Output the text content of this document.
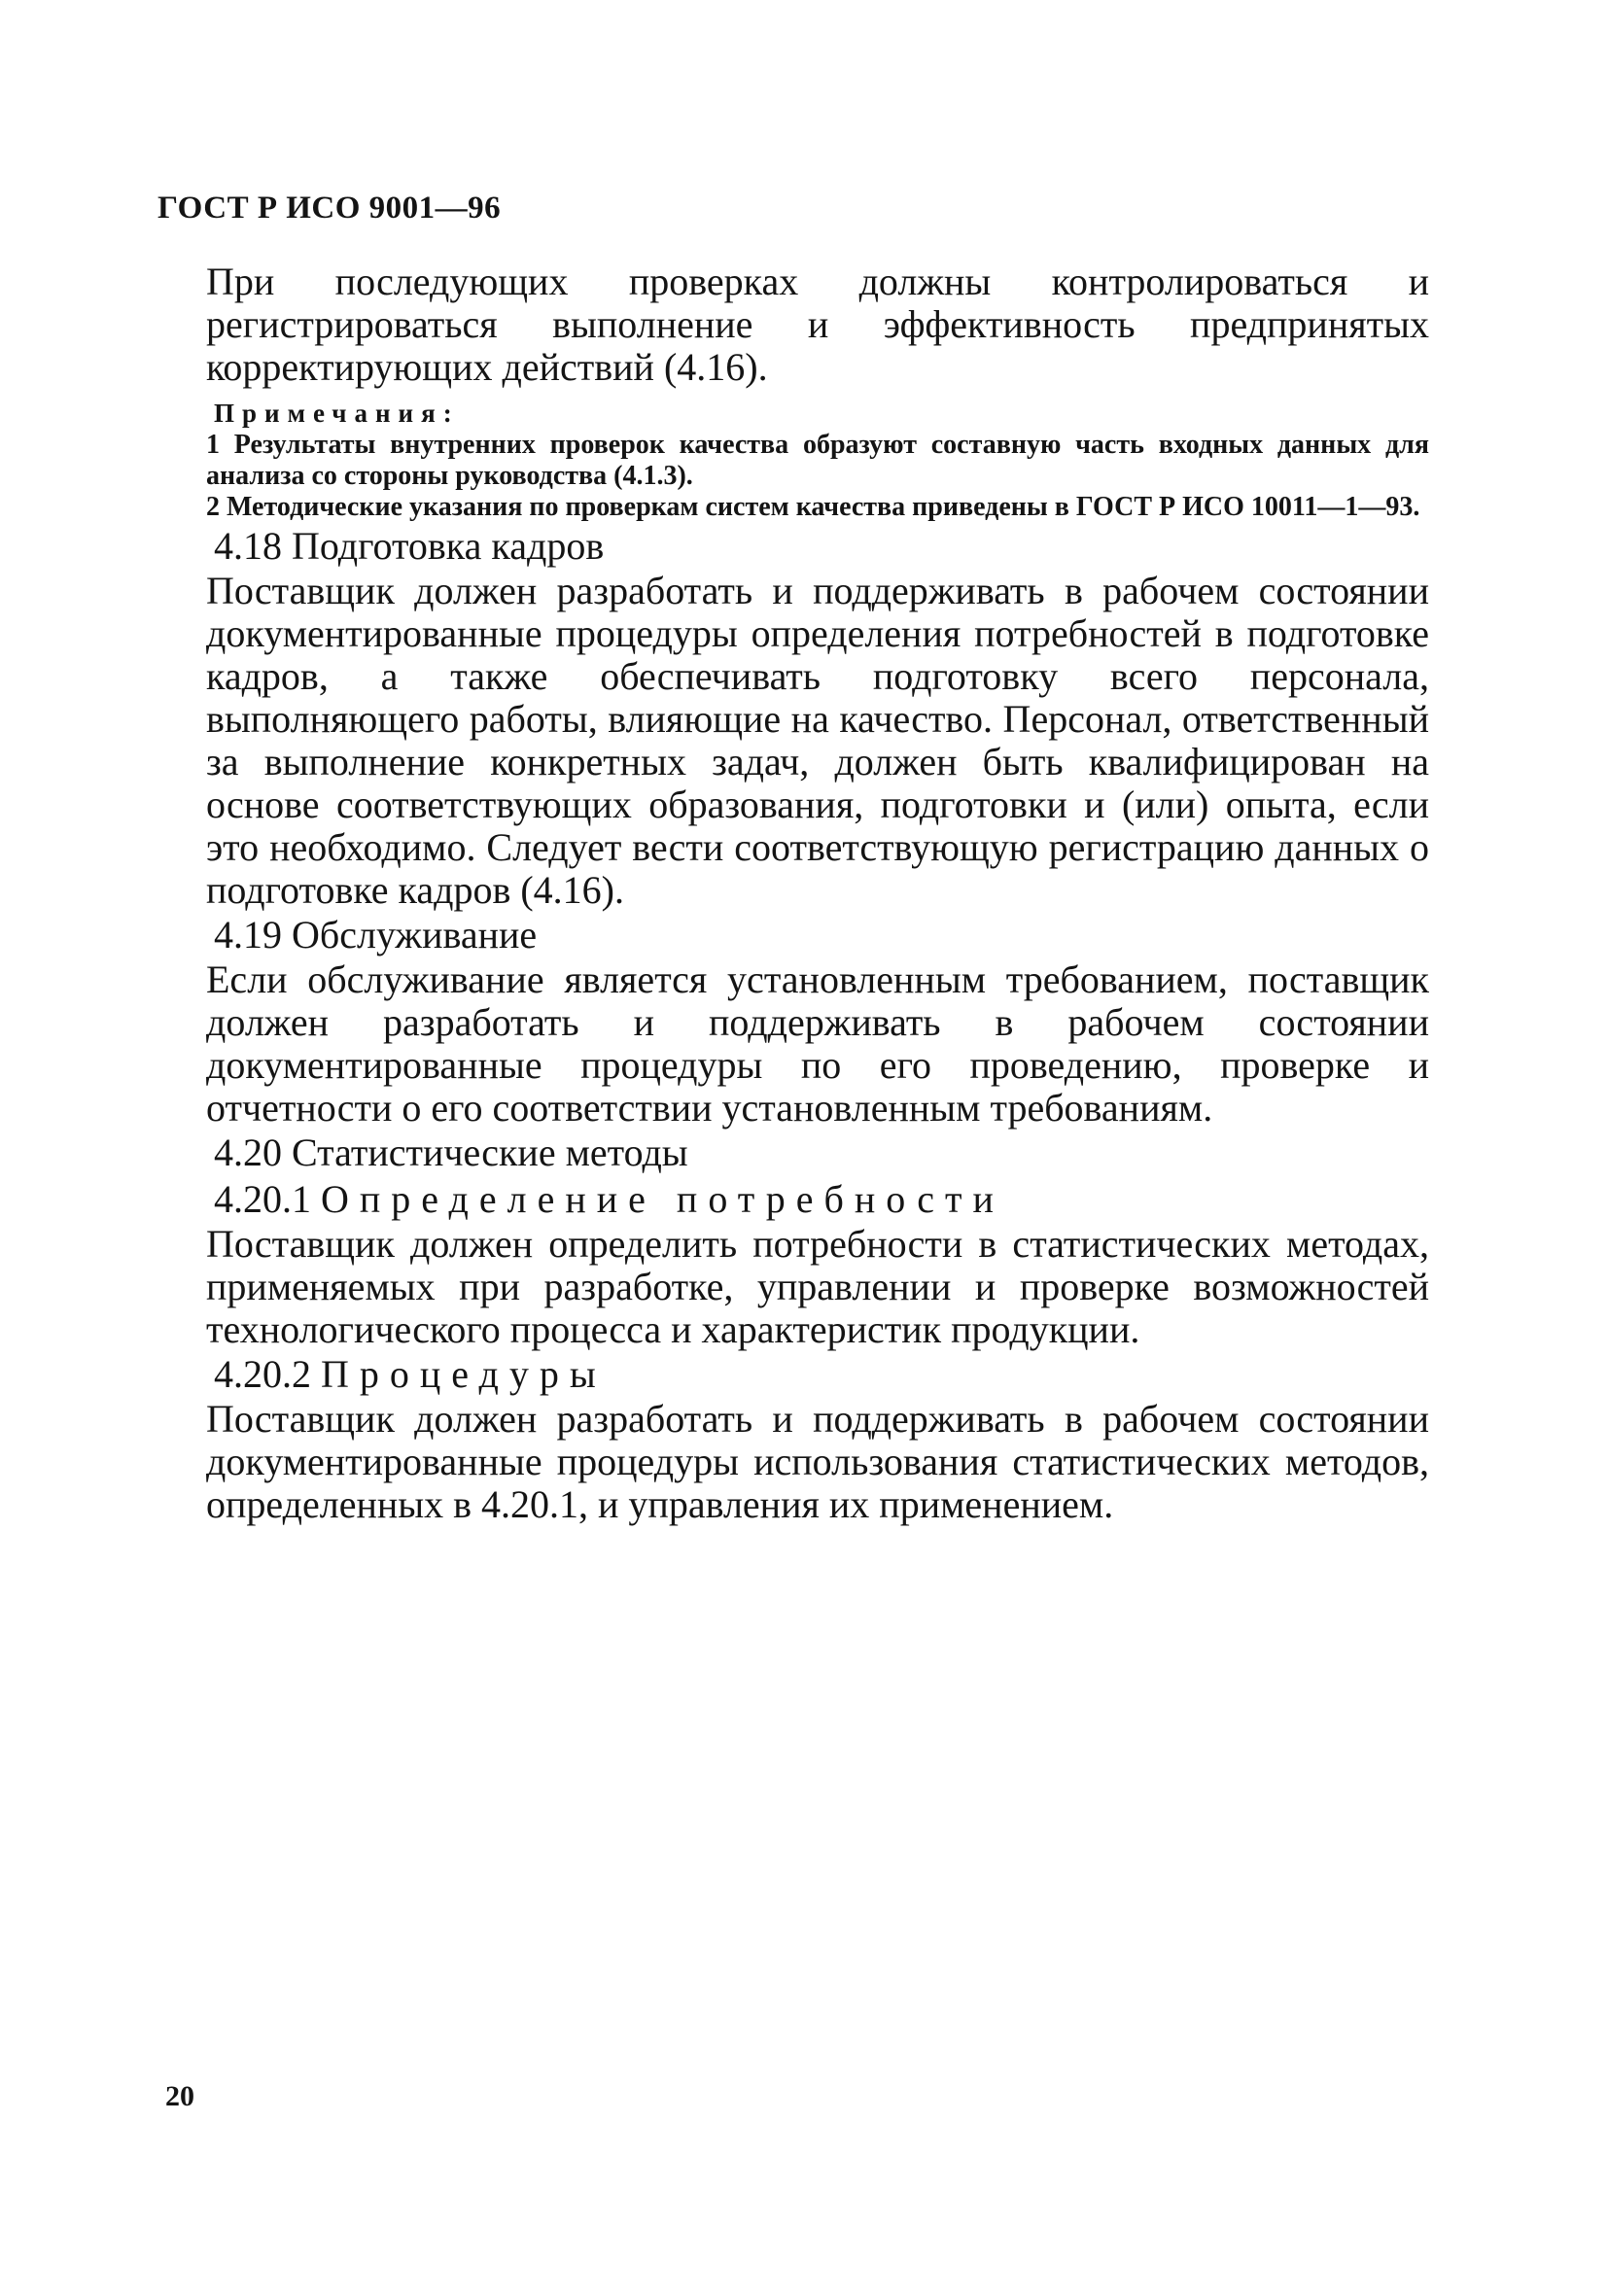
ГОСТ Р ИСО 9001—96

При последующих проверках должны контролироваться и регистрироваться выполнение и эффективность предпринятых корректирующих действий (4.16).

Примечания:

1 Результаты внутренних проверок качества образуют составную часть входных данных для анализа со стороны руководства (4.1.3).

2 Методические указания по проверкам систем качества приведены в ГОСТ Р ИСО 10011—1—93.

4.18 Подготовка кадров

Поставщик должен разработать и поддерживать в рабочем состоянии документированные процедуры определения потребностей в подготовке кадров, а также обеспечивать подготовку всего персонала, выполняющего работы, влияющие на качество. Персонал, ответственный за выполнение конкретных задач, должен быть квалифицирован на основе соответствующих образования, подготовки и (или) опыта, если это необходимо. Следует вести соответствующую регистрацию данных о подготовке кадров (4.16).

4.19 Обслуживание

Если обслуживание является установленным требованием, поставщик должен разработать и поддерживать в рабочем состоянии документированные процедуры по его проведению, проверке и отчетности о его соответствии установленным требованиям.

4.20 Статистические методы
4.20.1 Определение потребности

Поставщик должен определить потребности в статистических методах, применяемых при разработке, управлении и проверке возможностей технологического процесса и характеристик продукции.

4.20.2 Процедуры

Поставщик должен разработать и поддерживать в рабочем состоянии документированные процедуры использования статистических методов, определенных в 4.20.1, и управления их применением.

20
